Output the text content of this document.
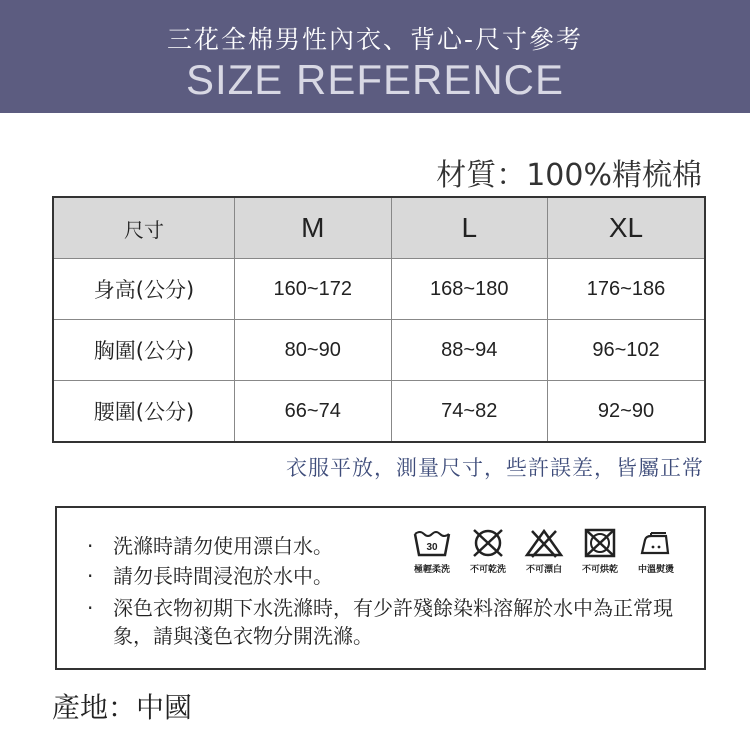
三花全棉男性內衣、背心-尺寸參考
SIZE REFERENCE
材質：100%精梳棉
尺寸	M	L	XL
身高(公分)	160~172	168~180	176~186
胸圍(公分)	80~90	88~94	96~102
腰圍(公分)	66~74	74~82	92~90
衣服平放，測量尺寸，些許誤差，皆屬正常
· 洗滌時請勿使用漂白水。
· 請勿長時間浸泡於水中。
· 深色衣物初期下水洗滌時，有少許殘餘染料溶解於水中為正常現象，請與淺色衣物分開洗滌。
30
極輕柔洗	不可乾洗	不可漂白	不可烘乾	中溫熨燙
產地：中國
